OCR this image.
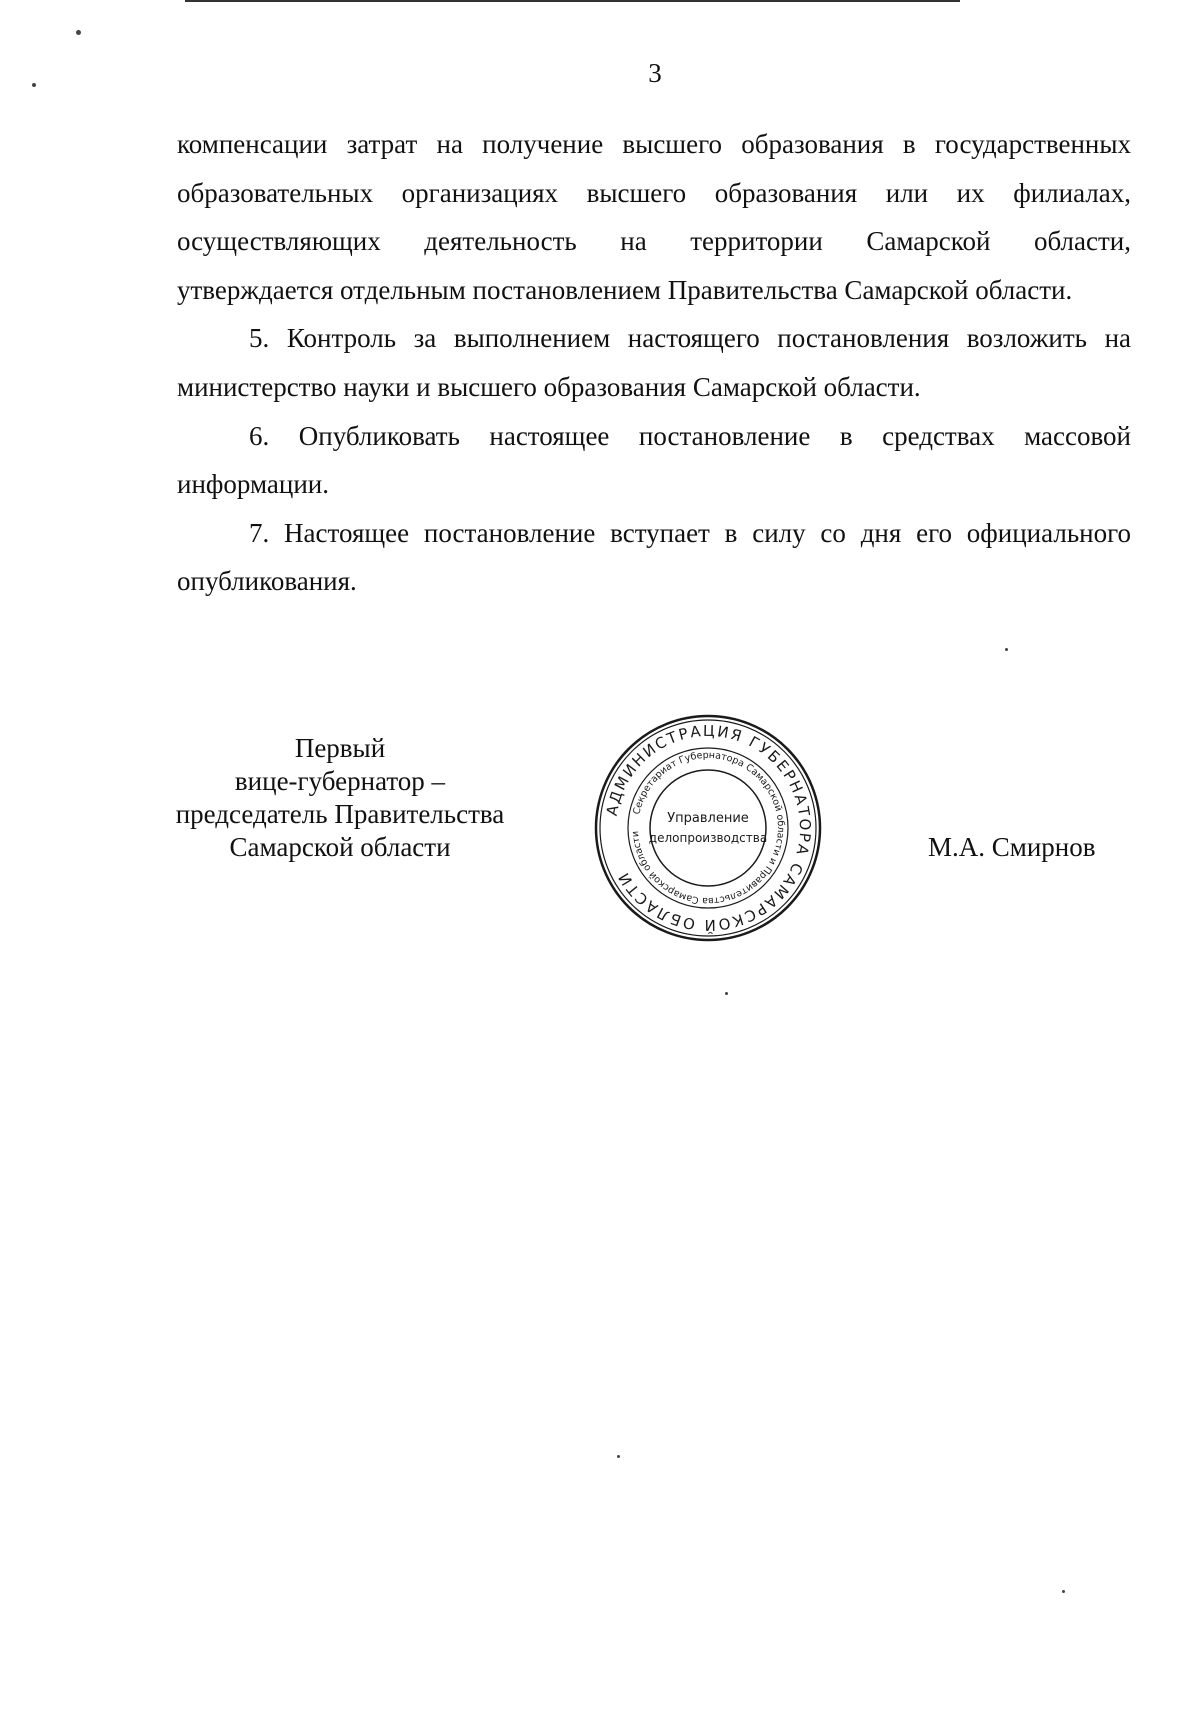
3

компенсации затрат на получение высшего образования в государственных
образовательных организациях высшего образования или их филиалах,
осуществляющих деятельность на территории Самарской области,
утверждается отдельным постановлением Правительства Самарской области.

5. Контроль за выполнением настоящего постановления возложить на
министерство науки и высшего образования Самарской области.

6. Опубликовать настоящее постановление в средствах массовой
информации.

7. Настоящее постановление вступает в силу со дня его официального
опубликования.

Первый
вице-губернатор –
председатель Правительства
Самарской области
АДМИНИСТРАЦИЯ ГУБЕРНАТОРА САМАРСКОЙ ОБЛАСТИ
Секретариат Губернатора Самарской области и Правительства Самарской области
Управление
делопроизводства	М.А. Смирнов
